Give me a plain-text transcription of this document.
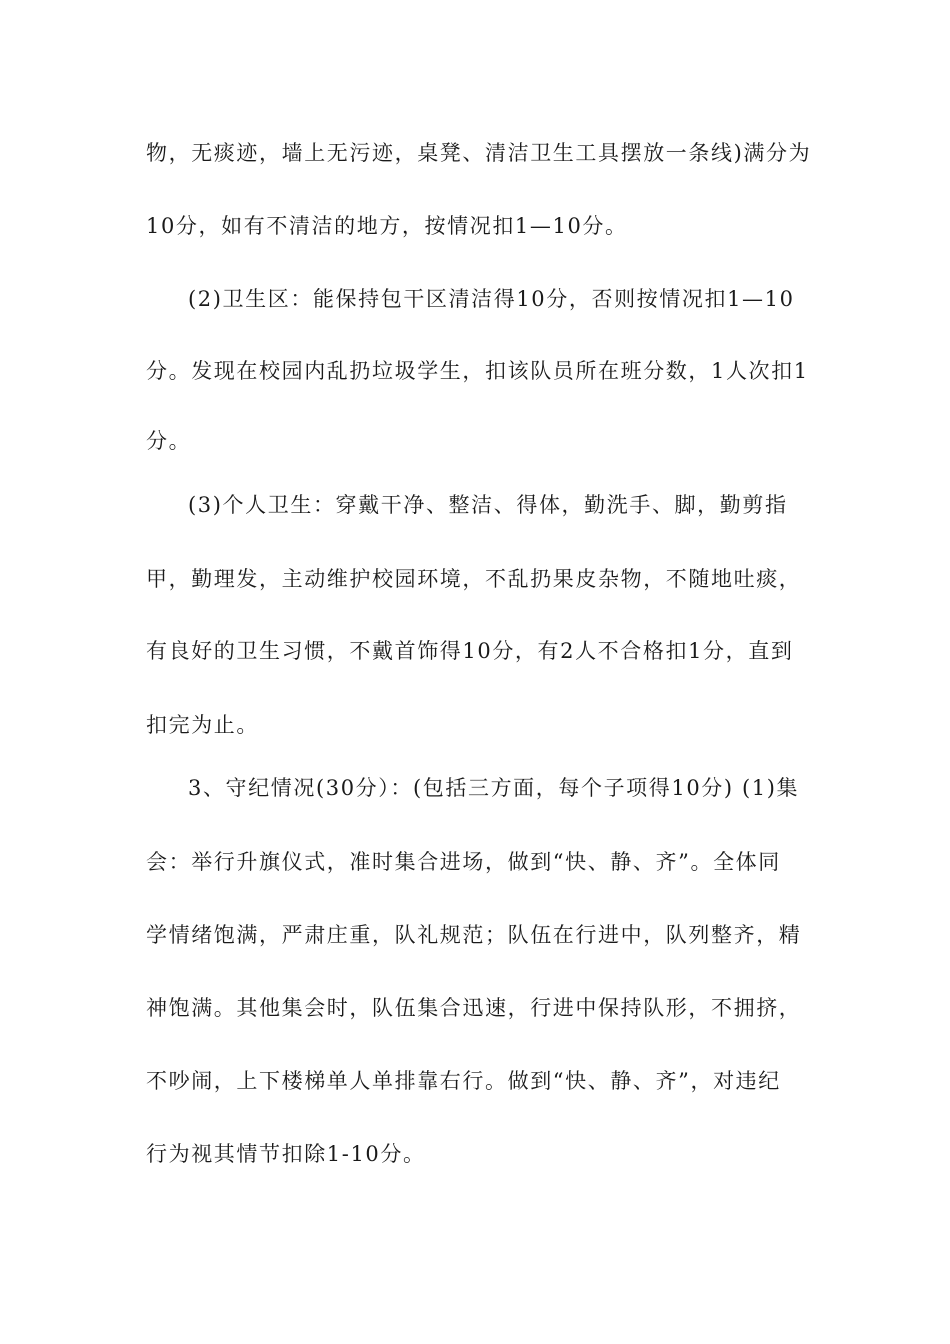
物，无痰迹，墙上无污迹，桌凳、清洁卫生工具摆放一条线)满分为
10分，如有不清洁的地方，按情况扣1—10分。
(2)卫生区：能保持包干区清洁得10分，否则按情况扣1—10
分。发现在校园内乱扔垃圾学生，扣该队员所在班分数，1人次扣1
分。
(3)个人卫生：穿戴干净、整洁、得体，勤洗手、脚，勤剪指
甲，勤理发，主动维护校园环境，不乱扔果皮杂物，不随地吐痰，
有良好的卫生习惯，不戴首饰得10分，有2人不合格扣1分，直到
扣完为止。
3、守纪情况(30分）：(包括三方面，每个子项得10分) (1)集
会：举行升旗仪式，准时集合进场，做到“快、静、齐”。全体同
学情绪饱满，严肃庄重，队礼规范；队伍在行进中，队列整齐，精
神饱满。其他集会时，队伍集合迅速，行进中保持队形，不拥挤，
不吵闹，上下楼梯单人单排靠右行。做到“快、静、齐”，对违纪
行为视其情节扣除1-10分。
